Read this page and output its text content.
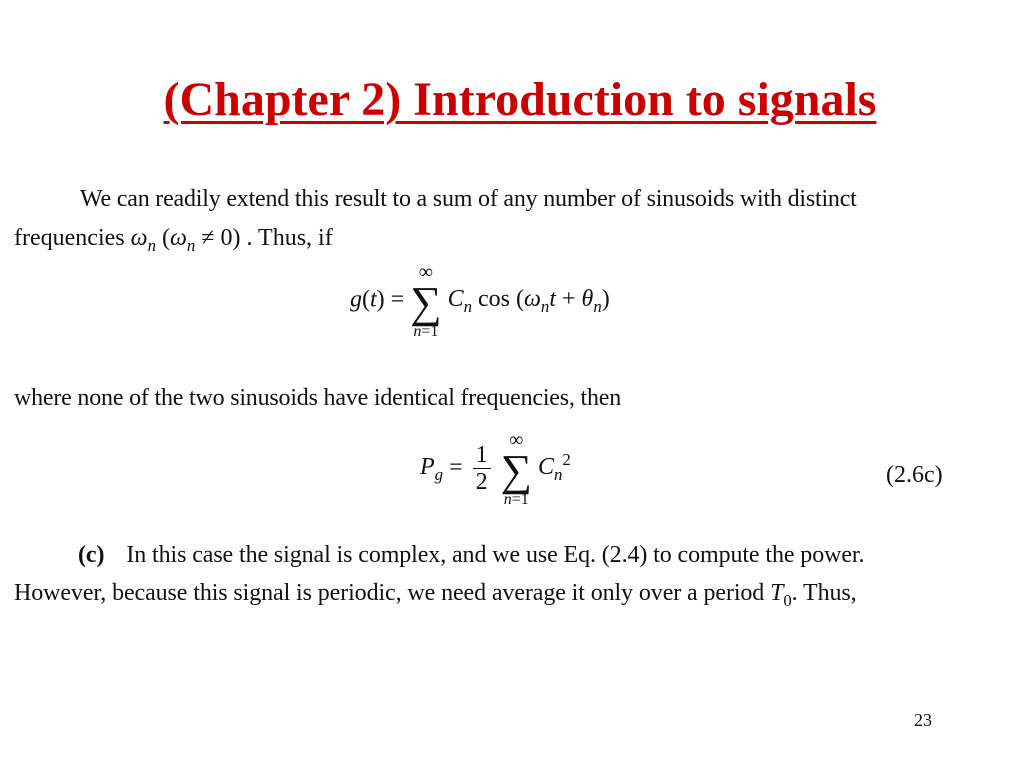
(Chapter 2) Introduction to signals
We can readily extend this result to a sum of any number of sinusoids with distinct
frequencies $\omega_n$ $(\omega_n \ne 0)$ . Thus, if
g(t) =
∞
∑
n=1
$C_n$ $\cos (\omega_nt + \theta_n)$
where none of the two sinusoids have identical frequencies, then
$P_g = \frac{1}{2}$

∞
∑
n=1
$C_n^2$
(2.6c)
(c) In this case the signal is complex, and we use Eq. (2.4) to compute the power.
However, because this signal is periodic, we need average it only over a period $T_0$. Thus,
23
